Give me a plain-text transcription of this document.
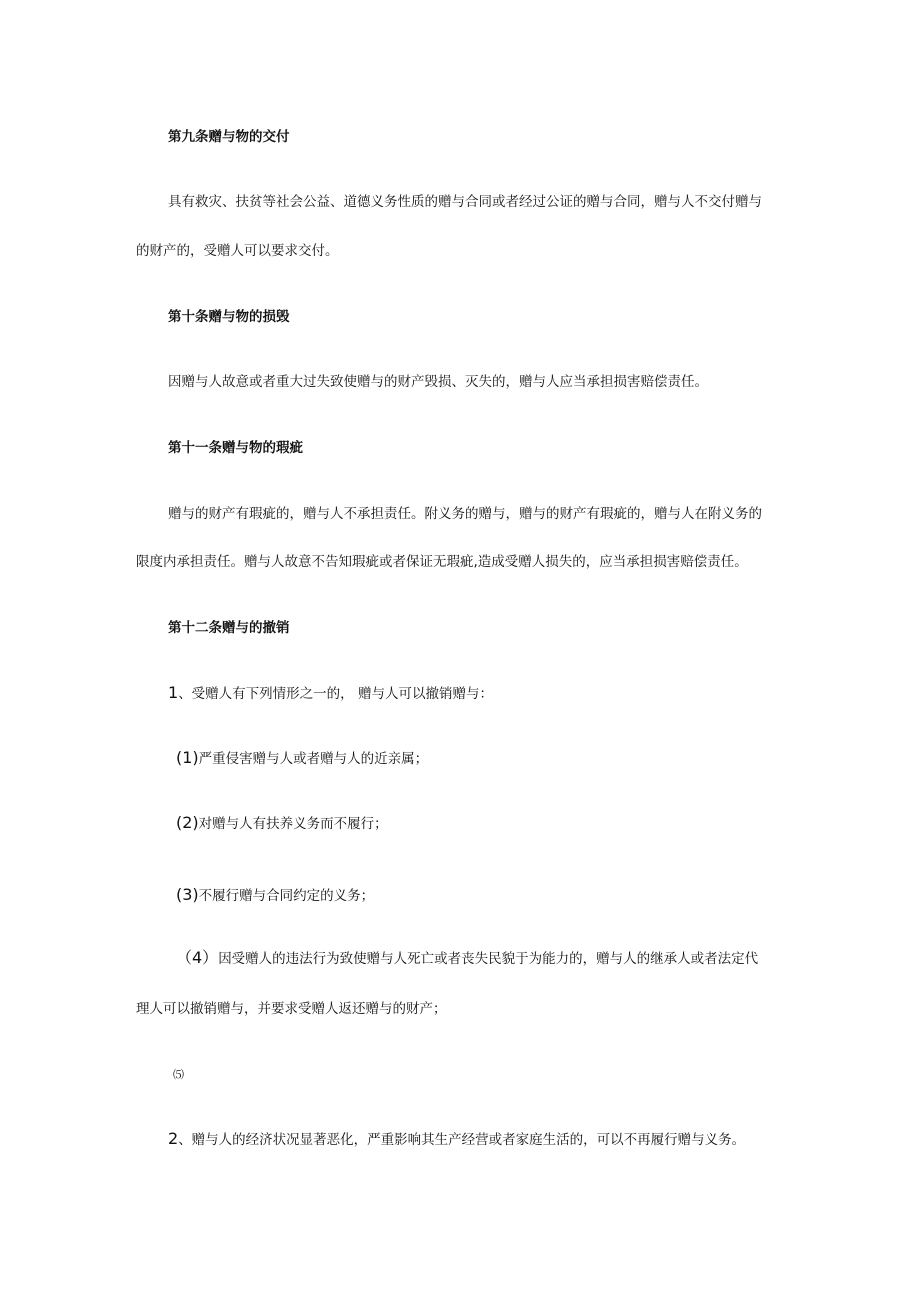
第九条赠与物的交付
具有救灾、扶贫等社会公益、道德义务性质的赠与合同或者经过公证的赠与合同，赠与人不交付赠与
的财产的，受赠人可以要求交付。
第十条赠与物的损毁
因赠与人故意或者重大过失致使赠与的财产毁损、灭失的，赠与人应当承担损害赔偿责任。
第十一条赠与物的瑕疵
赠与的财产有瑕疵的，赠与人不承担责任。附义务的赠与，赠与的财产有瑕疵的，赠与人在附义务的
限度内承担责任。赠与人故意不告知瑕疵或者保证无瑕疵,造成受赠人损失的，应当承担损害赔偿责任。
第十二条赠与的撤销
1、受赠人有下列情形之一的， 赠与人可以撤销赠与：
(1)严重侵害赠与人或者赠与人的近亲属；
(2)对赠与人有扶养义务而不履行；
(3)不履行赠与合同约定的义务；
（4）因受赠人的违法行为致使赠与人死亡或者丧失民貌于为能力的，赠与人的继承人或者法定代
理人可以撤销赠与，并要求受赠人返还赠与的财产；
⑸
2、赠与人的经济状况显著恶化，严重影响其生产经营或者家庭生活的，可以不再履行赠与义务。
